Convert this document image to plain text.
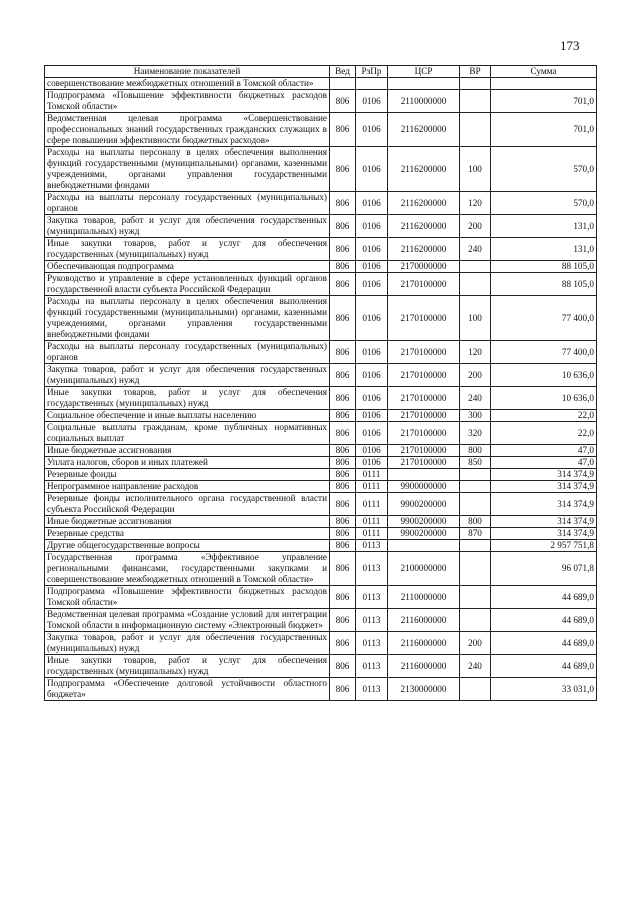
173
Наименование показателей	Вед	РзПр	ЦСР	ВР	Сумма
совершенствование межбюджетных отношений в Томской области»					
Подпрограмма «Повышение эффективности бюджетных расходов Томской области»	806	0106	2110000000		701,0
Ведомственная целевая программа «Совершенствование профессиональных знаний государственных гражданских служащих в сфере повышения эффективности бюджетных расходов»	806	0106	2116200000		701,0
Расходы на выплаты персоналу в целях обеспечения выполнения функций государственными (муниципальными) органами, казенными учреждениями, органами управления государственными внебюджетными фондами	806	0106	2116200000	100	570,0
Расходы на выплаты персоналу государственных (муниципальных) органов	806	0106	2116200000	120	570,0
Закупка товаров, работ и услуг для обеспечения государственных (муниципальных) нужд	806	0106	2116200000	200	131,0
Иные закупки товаров, работ и услуг для обеспечения государственных (муниципальных) нужд	806	0106	2116200000	240	131,0
Обеспечивающая подпрограмма	806	0106	2170000000		88 105,0
Руководство и управление в сфере установленных функций органов государственной власти субъекта Российской Федерации	806	0106	2170100000		88 105,0
Расходы на выплаты персоналу в целях обеспечения выполнения функций государственными (муниципальными) органами, казенными учреждениями, органами управления государственными внебюджетными фондами	806	0106	2170100000	100	77 400,0
Расходы на выплаты персоналу государственных (муниципальных) органов	806	0106	2170100000	120	77 400,0
Закупка товаров, работ и услуг для обеспечения государственных (муниципальных) нужд	806	0106	2170100000	200	10 636,0
Иные закупки товаров, работ и услуг для обеспечения государственных (муниципальных) нужд	806	0106	2170100000	240	10 636,0
Социальное обеспечение и иные выплаты населению	806	0106	2170100000	300	22,0
Социальные выплаты гражданам, кроме публичных нормативных социальных выплат	806	0106	2170100000	320	22,0
Иные бюджетные ассигнования	806	0106	2170100000	800	47,0
Уплата налогов, сборов и иных платежей	806	0106	2170100000	850	47,0
Резервные фонды	806	0111			314 374,9
Непрограммное направление расходов	806	0111	9900000000		314 374,9
Резервные фонды исполнительного органа государственной власти субъекта Российской Федерации	806	0111	9900200000		314 374,9
Иные бюджетные ассигнования	806	0111	9900200000	800	314 374,9
Резервные средства	806	0111	9900200000	870	314 374,9
Другие общегосударственные вопросы	806	0113			2 957 751,8
Государственная программа «Эффективное управление региональными финансами, государственными закупками и совершенствование межбюджетных отношений в Томской области»	806	0113	2100000000		96 071,8
Подпрограмма «Повышение эффективности бюджетных расходов Томской области»	806	0113	2110000000		44 689,0
Ведомственная целевая программа «Создание условий для интеграции Томской области в информационную систему «Электронный бюджет»	806	0113	2116000000		44 689,0
Закупка товаров, работ и услуг для обеспечения государственных (муниципальных) нужд	806	0113	2116000000	200	44 689,0
Иные закупки товаров, работ и услуг для обеспечения государственных (муниципальных) нужд	806	0113	2116000000	240	44 689,0
Подпрограмма «Обеспечение долговой устойчивости областного бюджета»	806	0113	2130000000		33 031,0
